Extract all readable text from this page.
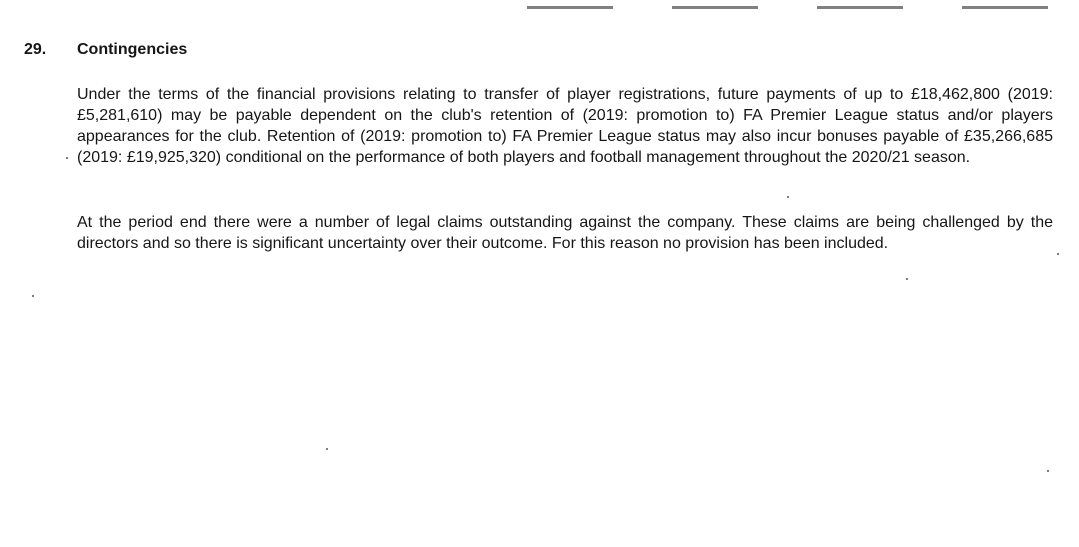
29. Contingencies

Under the terms of the financial provisions relating to transfer of player registrations, future payments of up to £18,462,800 (2019: £5,281,610) may be payable dependent on the club's retention of (2019: promotion to) FA Premier League status and/or players appearances for the club. Retention of (2019: promotion to) FA Premier League status may also incur bonuses payable of £35,266,685 (2019: £19,925,320) conditional on the performance of both players and football management throughout the 2020/21 season.

At the period end there were a number of legal claims outstanding against the company. These claims are being challenged by the directors and so there is significant uncertainty over their outcome. For this reason no provision has been included.
